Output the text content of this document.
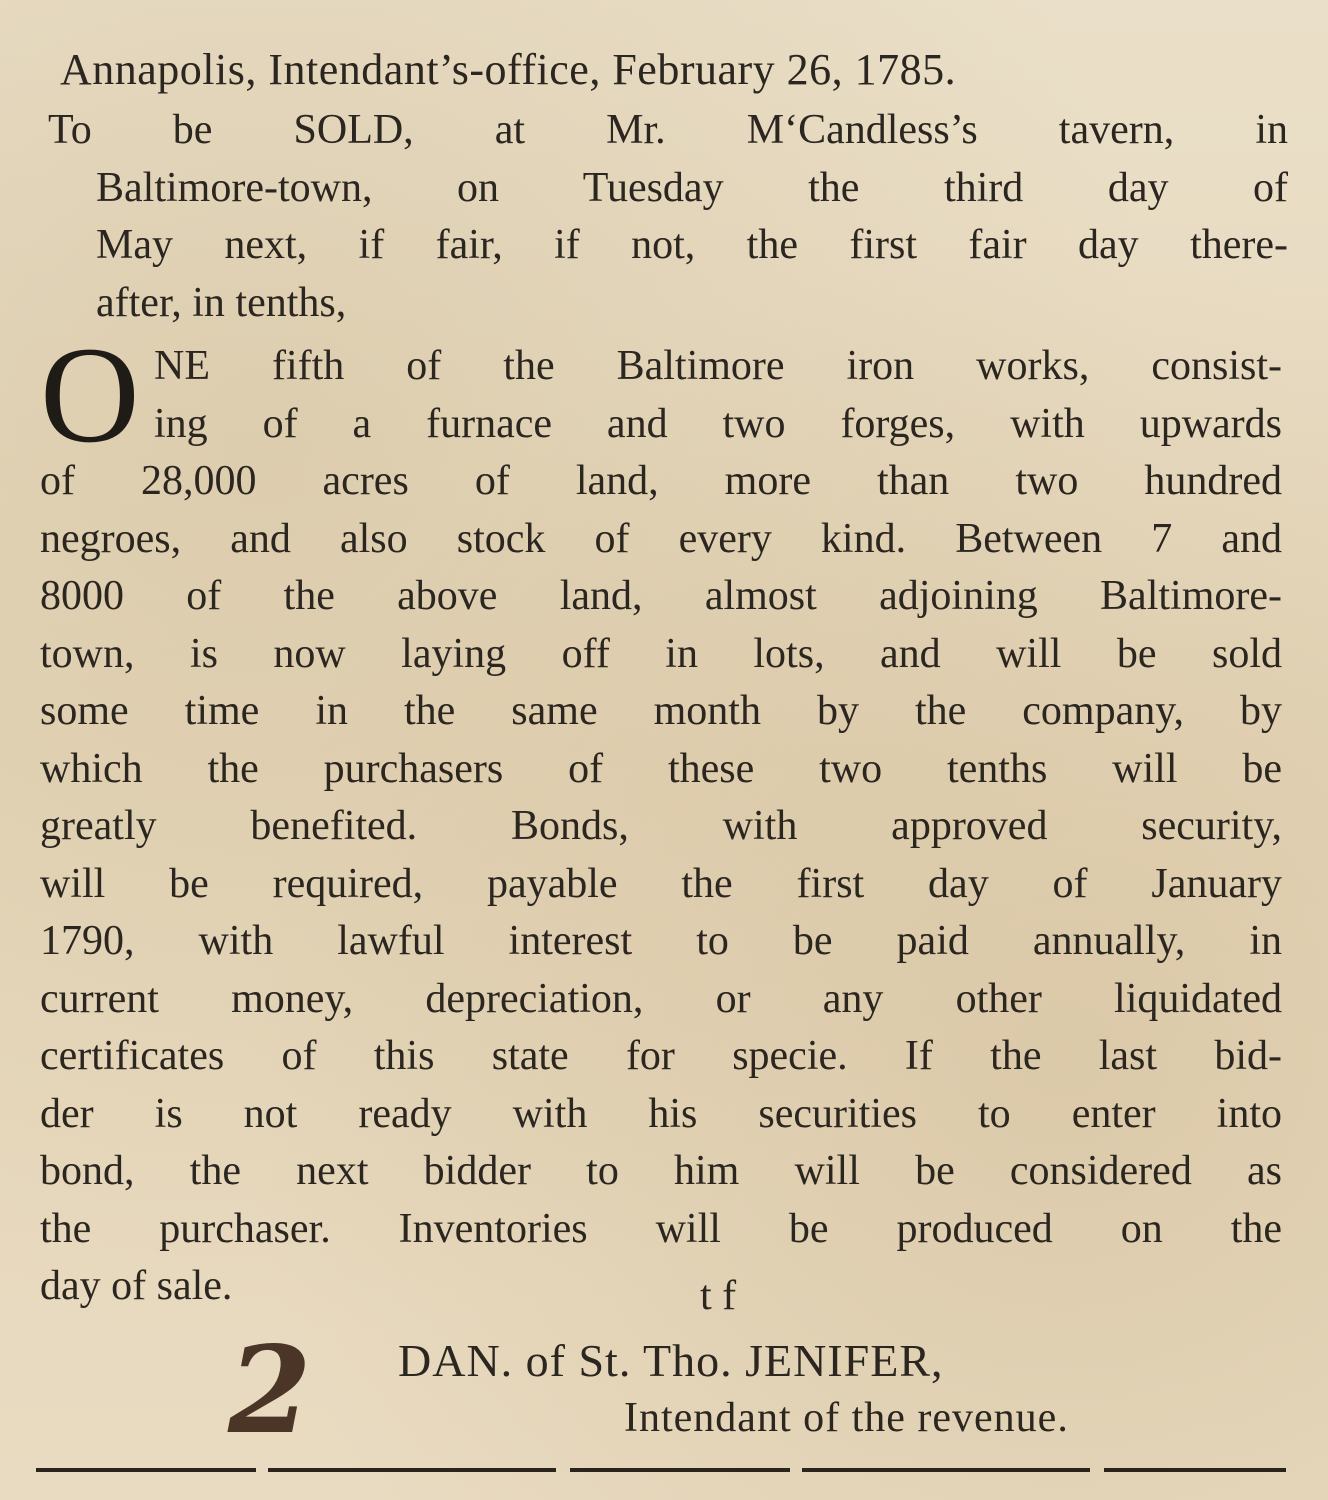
Annapolis, Intendant’s-office, February 26, 1785.
To be SOLD, at Mr. M‘Candless’s tavern, in
Baltimore-town, on Tuesday the third day of
May next, if fair, if not, the first fair day there-
after, in tenths,
O NE fifth of the Baltimore iron works, consist-
ing of a furnace and two forges, with upwards
of 28,000 acres of land, more than two hundred
negroes, and also stock of every kind. Between 7 and
8000 of the above land, almost adjoining Baltimore-
town, is now laying off in lots, and will be sold
some time in the same month by the company, by
which the purchasers of these two tenths will be
greatly benefited. Bonds, with approved security,
will be required, payable the first day of January
1790, with lawful interest to be paid annually, in
current money, depreciation, or any other liquidated
certificates of this state for specie. If the last bid-
der is not ready with his securities to enter into
bond, the next bidder to him will be considered as
the purchaser. Inventories will be produced on the
day of sale.	t f
2 DAN. of St. Tho. JENIFER,
Intendant of the revenue.
